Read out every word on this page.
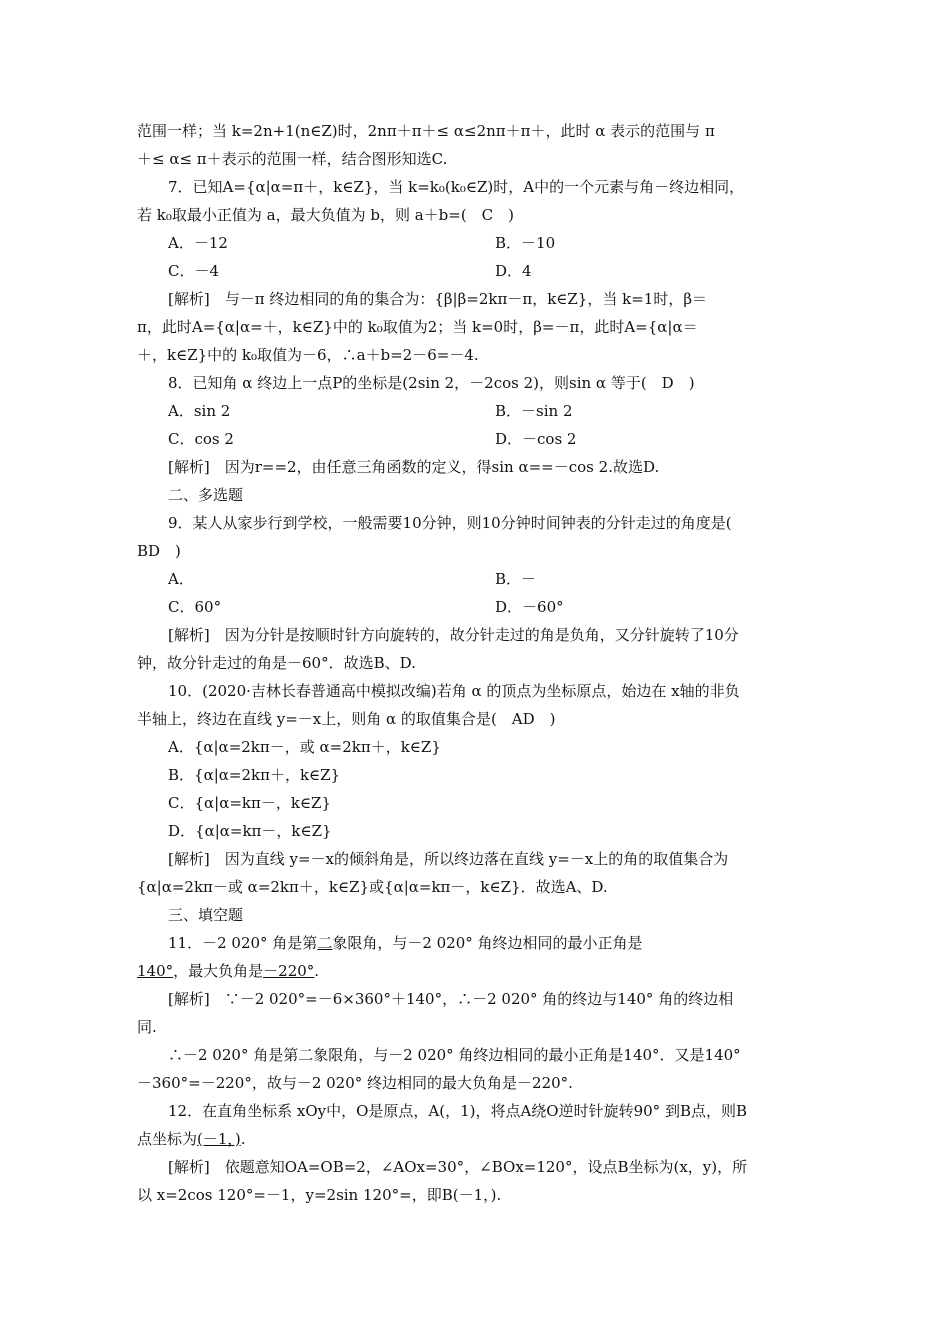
范围一样；当 k=2n+1(n∈Z)时，2nπ＋π＋≤ α≤2nπ＋π＋，此时 α 表示的范围与 π
＋≤ α≤ π＋表示的范围一样，结合图形知选C.
7．已知A={α|α=π＋，k∈Z}，当 k=k₀(k₀∈Z)时，A中的一个元素与角－终边相同，
若 k₀取最小正值为 a，最大负值为 b，则 a＋b=(　C　)
A．－12	B．－10
C．－4	D．4
[解析]　与－π 终边相同的角的集合为：{β|β=2kπ－π，k∈Z}，当 k=1时，β＝
π，此时A={α|α=＋，k∈Z}中的 k₀取值为2；当 k=0时，β=－π，此时A={α|α＝
＋，k∈Z}中的 k₀取值为－6，∴a＋b=2－6=－4.
8．已知角 α 终边上一点P的坐标是(2sin 2，－2cos 2)，则sin α 等于(　D　)
A．sin 2	B．－sin 2
C．cos 2	D．－cos 2
[解析]　因为r==2，由任意三角函数的定义，得sin α==－cos 2.故选D.
二、多选题
9．某人从家步行到学校，一般需要10分钟，则10分钟时间钟表的分针走过的角度是(
BD　)
A．	B．－
C．60°	D．－60°
[解析]　因为分针是按顺时针方向旋转的，故分针走过的角是负角，又分针旋转了10分
钟，故分针走过的角是－60°．故选B、D.
10．(2020·吉林长春普通高中模拟改编)若角 α 的顶点为坐标原点，始边在 x轴的非负
半轴上，终边在直线 y=－x上，则角 α 的取值集合是(　AD　)
A．{α|α=2kπ－，或 α=2kπ＋，k∈Z}
B．{α|α=2kπ＋，k∈Z}
C．{α|α=kπ－，k∈Z}
D．{α|α=kπ－，k∈Z}
[解析]　因为直线 y=－x的倾斜角是，所以终边落在直线 y=－x上的角的取值集合为
{α|α=2kπ－或 α=2kπ＋，k∈Z}或{α|α=kπ－，k∈Z}．故选A、D.
三、填空题
11．－2 020° 角是第二象限角，与－2 020° 角终边相同的最小正角是
140°，最大负角是－220°.
[解析]　∵－2 020°=－6×360°＋140°，∴－2 020° 角的终边与140° 角的终边相
同.
∴－2 020° 角是第二象限角，与－2 020° 角终边相同的最小正角是140°．又是140°
－360°=－220°，故与－2 020° 终边相同的最大负角是－220°.
12．在直角坐标系 xOy中，O是原点，A(，1)，将点A绕O逆时针旋转90° 到B点，则B
点坐标为(－1，).
[解析]　依题意知OA=OB=2，∠AOx=30°，∠BOx=120°，设点B坐标为(x，y)，所
以 x=2cos 120°=－1，y=2sin 120°=，即B(－1，).
